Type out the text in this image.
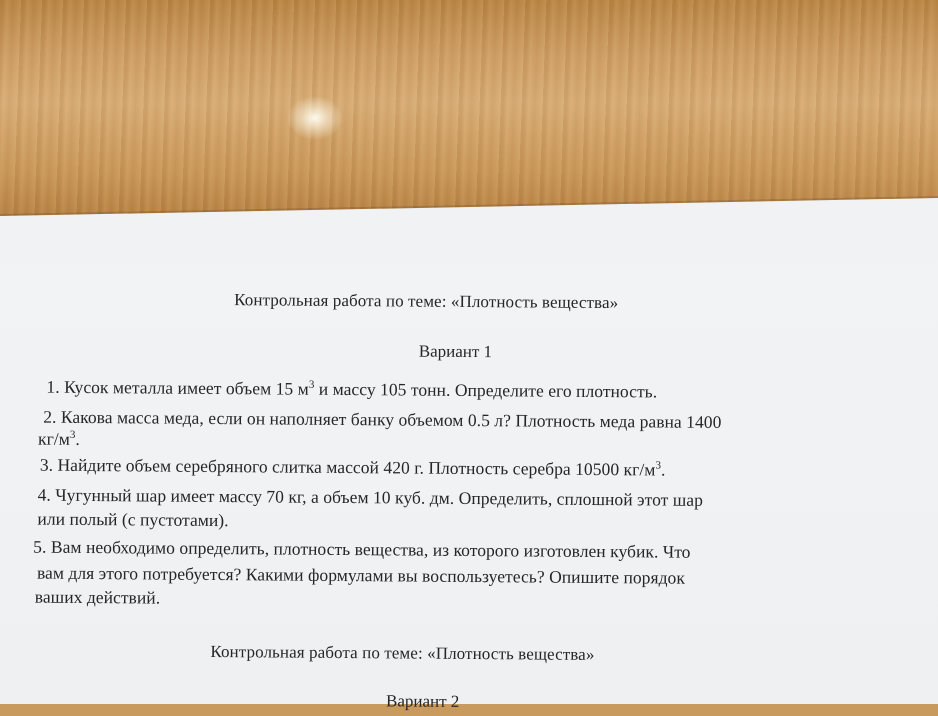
Контрольная работа по теме: «Плотность вещества»
Вариант 1
1. Кусок металла имеет объем 15 $м^3$ и массу 105 тонн. Определите его плотность.
2. Какова масса меда, если он наполняет банку объемом 0.5 л? Плотность меда равна 1400
$кг/м^3$.
3. Найдите объем серебряного слитка массой 420 г. Плотность серебра 10500 $кг/м^3$.
4. Чугунный шар имеет массу 70 кг, а объем 10 куб. дм. Определить, сплошной этот шар
или полый (с пустотами).
5. Вам необходимо определить, плотность вещества, из которого изготовлен кубик. Что
вам для этого потребуется? Какими формулами вы воспользуетесь? Опишите порядок
ваших действий.
Контрольная работа по теме: «Плотность вещества»
Вариант 2
